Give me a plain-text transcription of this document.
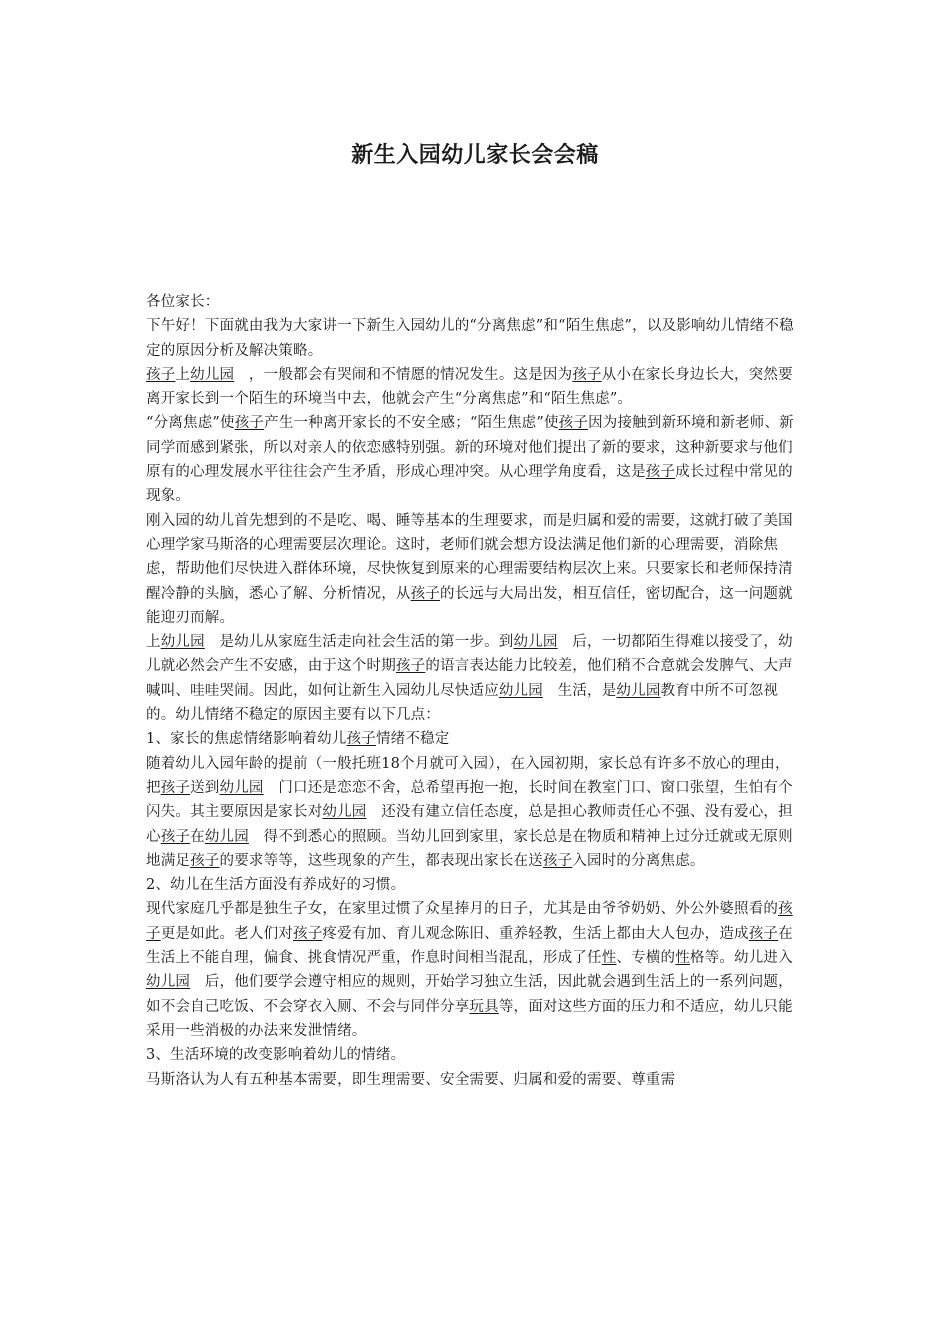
新生入园幼儿家长会会稿

各位家长：

下午好！下面就由我为大家讲一下新生入园幼儿的“分离焦虑”和“陌生焦虑”，以及影响幼儿情绪不稳定的原因分析及解决策略。

孩子上幼儿园　，一般都会有哭闹和不情愿的情况发生。这是因为孩子从小在家长身边长大，突然要离开家长到一个陌生的环境当中去，他就会产生“分离焦虑”和“陌生焦虑”。

“分离焦虑”使孩子产生一种离开家长的不安全感；“陌生焦虑”使孩子因为接触到新环境和新老师、新同学而感到紧张，所以对亲人的依恋感特别强。新的环境对他们提出了新的要求，这种新要求与他们原有的心理发展水平往往会产生矛盾，形成心理冲突。从心理学角度看，这是孩子成长过程中常见的现象。

刚入园的幼儿首先想到的不是吃、喝、睡等基本的生理要求，而是归属和爱的需要，这就打破了美国心理学家马斯洛的心理需要层次理论。这时，老师们就会想方设法满足他们新的心理需要，消除焦虑，帮助他们尽快进入群体环境，尽快恢复到原来的心理需要结构层次上来。只要家长和老师保持清醒冷静的头脑，悉心了解、分析情况，从孩子的长远与大局出发，相互信任，密切配合，这一问题就能迎刃而解。

上幼儿园　是幼儿从家庭生活走向社会生活的第一步。到幼儿园　后，一切都陌生得难以接受了，幼儿就必然会产生不安感，由于这个时期孩子的语言表达能力比较差，他们稍不合意就会发脾气、大声喊叫、哇哇哭闹。因此，如何让新生入园幼儿尽快适应幼儿园　生活，是幼儿园教育中所不可忽视的。幼儿情绪不稳定的原因主要有以下几点：

1、家长的焦虑情绪影响着幼儿孩子情绪不稳定

随着幼儿入园年龄的提前（一般托班18个月就可入园），在入园初期，家长总有许多不放心的理由，把孩子送到幼儿园　门口还是恋恋不舍，总希望再抱一抱，长时间在教室门口、窗口张望，生怕有个闪失。其主要原因是家长对幼儿园　还没有建立信任态度，总是担心教师责任心不强、没有爱心，担心孩子在幼儿园　得不到悉心的照顾。当幼儿回到家里，家长总是在物质和精神上过分迁就或无原则地满足孩子的要求等等，这些现象的产生，都表现出家长在送孩子入园时的分离焦虑。

2、幼儿在生活方面没有养成好的习惯。

现代家庭几乎都是独生子女，在家里过惯了众星捧月的日子，尤其是由爷爷奶奶、外公外婆照看的孩子更是如此。老人们对孩子疼爱有加、育儿观念陈旧、重养轻教，生活上都由大人包办，造成孩子在生活上不能自理，偏食、挑食情况严重，作息时间相当混乱，形成了任性、专横的性格等。幼儿进入幼儿园　后，他们要学会遵守相应的规则，开始学习独立生活，因此就会遇到生活上的一系列问题，如不会自己吃饭、不会穿衣入厕、不会与同伴分享玩具等，面对这些方面的压力和不适应，幼儿只能采用一些消极的办法来发泄情绪。

3、生活环境的改变影响着幼儿的情绪。

马斯洛认为人有五种基本需要，即生理需要、安全需要、归属和爱的需要、尊重需
